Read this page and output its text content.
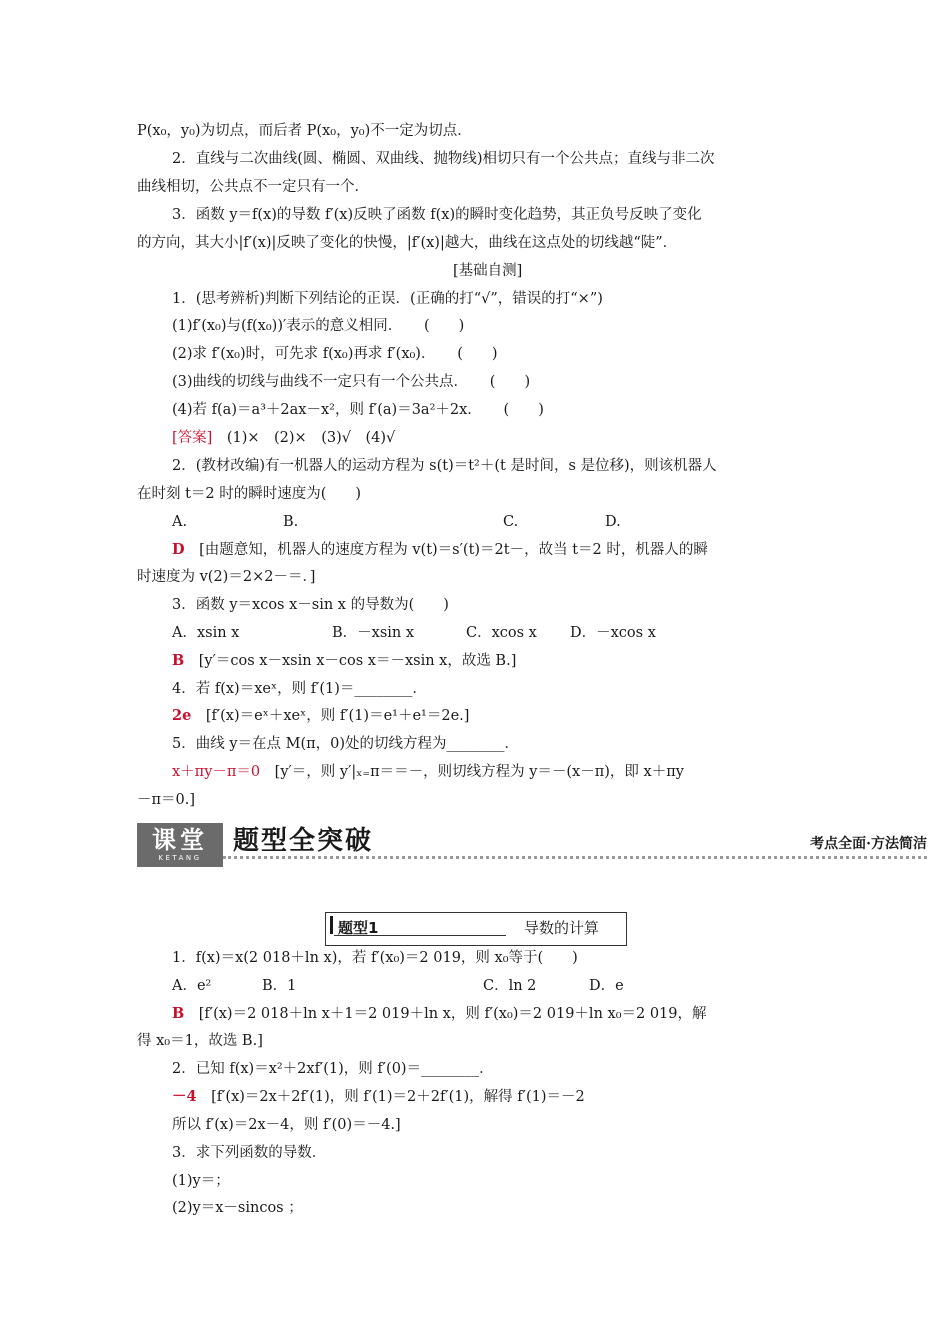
P(x₀，y₀)为切点，而后者 P(x₀，y₀)不一定为切点．
2．直线与二次曲线(圆、椭圆、双曲线、抛物线)相切只有一个公共点；直线与非二次
曲线相切，公共点不一定只有一个．
3．函数 y＝f(x)的导数 f′(x)反映了函数 f(x)的瞬时变化趋势，其正负号反映了变化
的方向，其大小|f′(x)|反映了变化的快慢，|f′(x)|越大，曲线在这点处的切线越“陡”．
[基础自测]
1．(思考辨析)判断下列结论的正误．(正确的打“√”，错误的打“×”)
(1)f′(x₀)与(f(x₀))′表示的意义相同．　　(　　)
(2)求 f′(x₀)时，可先求 f(x₀)再求 f′(x₀)．　　(　　)
(3)曲线的切线与曲线不一定只有一个公共点．　　(　　)
(4)若 f(a)＝a³＋2ax－x²，则 f′(a)＝3a²＋2x．　　(　　)
[答案]　 (1)×　(2)×　(3)√　(4)√
2．(教材改编)有一机器人的运动方程为 s(t)＝t²＋(t 是时间，s 是位移)，则该机器人
在时刻 t＝2 时的瞬时速度为(　　)
A.	B.	C.	D.
D　 [由题意知，机器人的速度方程为 v(t)＝s′(t)＝2t－，故当 t＝2 时，机器人的瞬
时速度为 v(2)＝2×2－＝．]
3．函数 y＝xcos x－sin x 的导数为(　　)
A．xsin x	B．－xsin x	C．xcos x D．－xcos x
B　 [y′＝cos x－xsin x－cos x＝－xsin x，故选 B.]
4．若 f(x)＝xeˣ，则 f′(1)＝________．
2e　 [f′(x)＝eˣ＋xeˣ，则 f′(1)＝e¹＋e¹＝2e.]
5．曲线 y＝在点 M(π，0)处的切线方程为________．
x＋πy－π＝0　 [y′＝，则 y′|ₓ₌π＝＝－，则切线方程为 y＝－(x－π)，即 x＋πy
－π＝0.]
课堂
KETANG
题型全突破	考点全面·方法简洁
题型1	导数的计算
1．f(x)＝x(2 018＋ln x)，若 f′(x₀)＝2 019，则 x₀等于(　　)
A．e²	B．1	C．ln 2	D．e
B　 [f′(x)＝2 018＋ln x＋1＝2 019＋ln x，则 f′(x₀)＝2 019＋ln x₀＝2 019，解
得 x₀＝1，故选 B.]
2．已知 f(x)＝x²＋2xf′(1)，则 f′(0)＝________．
－4　 [f′(x)＝2x＋2f′(1)，则 f′(1)＝2＋2f′(1)，解得 f′(1)＝－2
所以 f′(x)＝2x－4，则 f′(0)＝－4.]
3．求下列函数的导数．
(1)y＝；
(2)y＝x－sincos ；
